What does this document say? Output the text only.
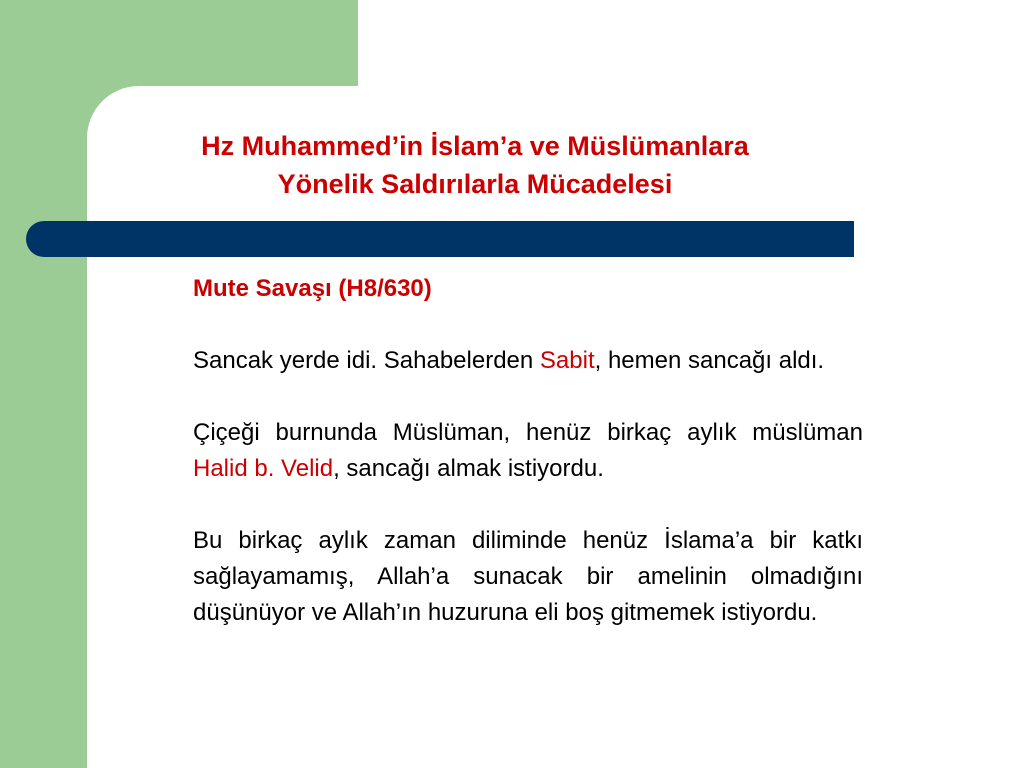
Hz Muhammed’in İslam’a ve Müslümanlara
Yönelik Saldırılarla Mücadelesi

Mute Savaşı (H8/630)

Sancak yerde idi. Sahabelerden Sabit, hemen sancağı aldı.

Çiçeği burnunda Müslüman, henüz birkaç aylık müslüman Halid b. Velid, sancağı almak istiyordu.

Bu birkaç aylık zaman diliminde henüz İslama’a bir katkı sağlayamamış, Allah’a sunacak bir amelinin olmadığını düşünüyor ve Allah’ın huzuruna eli boş gitmemek istiyordu.
